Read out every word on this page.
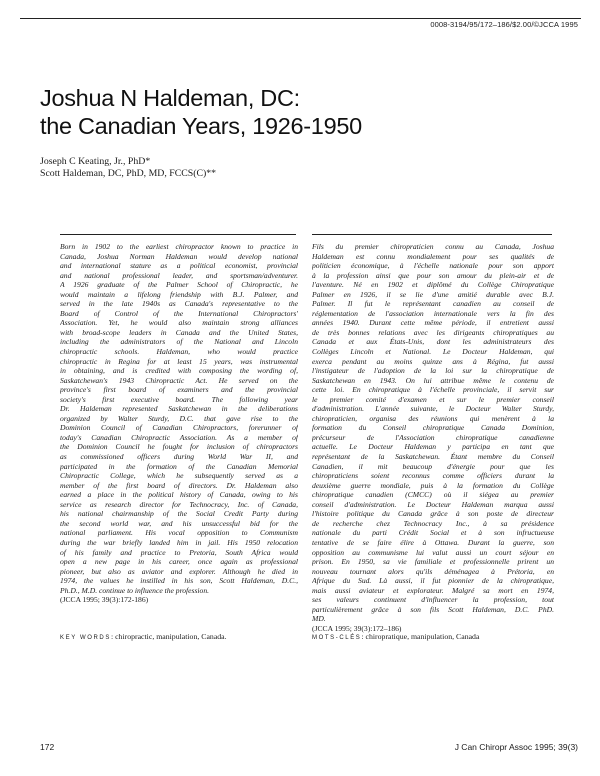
0008-3194/95/172–186/$2.00/©JCCA 1995
Joshua N Haldeman, DC:
the Canadian Years, 1926-1950
Joseph C Keating, Jr., PhD*
Scott Haldeman, DC, PhD, MD, FCCS(C)**
Born in 1902 to the earliest chiropractor known to practice in
Canada, Joshua Norman Haldeman would develop national
and international stature as a political economist, provincial
and national professional leader, and sportsman/adventurer.
A 1926 graduate of the Palmer School of Chiropractic, he
would maintain a lifelong friendship with B.J. Palmer, and
served in the late 1940s as Canada's representative to the
Board of Control of the International Chiropractors'
Association. Yet, he would also maintain strong alliances
with broad-scope leaders in Canada and the United States,
including the administrators of the National and Lincoln
chiropractic schools. Haldeman, who would practice
chiropractic in Regina for at least 15 years, was instrumental
in obtaining, and is credited with composing the wording of,
Saskatchewan's 1943 Chiropractic Act. He served on the
province's first board of examiners and the provincial
society's first executive board. The following year
Dr. Haldeman represented Saskatchewan in the deliberations
organized by Walter Sturdy, D.C. that gave rise to the
Dominion Council of Canadian Chiropractors, forerunner of
today's Canadian Chiropractic Association. As a member of
the Dominion Council he fought for inclusion of chiropractors
as commissioned officers during World War II, and
participated in the formation of the Canadian Memorial
Chiropractic College, which he subsequently served as a
member of the first board of directors. Dr. Haldeman also
earned a place in the political history of Canada, owing to his
service as research director for Technocracy, Inc. of Canada,
his national chairmanship of the Social Credit Party during
the second world war, and his unsuccessful bid for the
national parliament. His vocal opposition to Communism
during the war briefly landed him in jail. His 1950 relocation
of his family and practice to Pretoria, South Africa would
open a new page in his career, once again as professional
pioneer, but also as aviator and explorer. Although he died in
1974, the values he instilled in his son, Scott Haldeman, D.C.,
Ph.D., M.D. continue to influence the profession.
(JCCA 1995; 39(3):172-186)
Fils du premier chiropraticien connu au Canada, Joshua
Haldeman est connu mondialement pour ses qualités de
politicien économique, à l'échelle nationale pour son apport
à la profession ainsi que pour son amour du plein-air et de
l'aventure. Né en 1902 et diplômé du Collège Chiropratique
Palmer en 1926, il se lie d'une amitié durable avec B.J.
Palmer. Il fut le représentant canadien au conseil de
réglementation de l'association internationale vers la fin des
années 1940. Durant cette même période, il entretient aussi
de très bonnes relations avec les dirigeants chiropratiques au
Canada et aux États-Unis, dont les administrateurs des
Collèges Lincoln et National. Le Docteur Haldeman, qui
exerca pendant au moins quinze ans à Régina, fut aussi
l'instigateur de l'adoption de la loi sur la chiropratique de
Saskatchewan en 1943. On lui attribue même le contenu de
cette loi. En chiropratique à l'échelle provinciale, il servit sur
le premier comité d'examen et sur le premier conseil
d'administration. L'année suivante, le Docteur Walter Sturdy,
chiropraticien, organisa des réunions qui menèrent à la
formation du Conseil chiropratique Canada Dominion,
précurseur de l'Association chiropratique canadienne
actuelle. Le Docteur Haldeman y participa en tant que
représentant de la Saskatchewan. Étant membre du Conseil
Canadien, il mit beaucoup d'énergie pour que les
chiropraticiens soient reconnus comme officiers durant la
deuxième guerre mondiale, puis à la formation du Collège
chiropratique canadien (CMCC) où il siégea au premier
conseil d'administration. Le Docteur Haldeman marqua aussi
l'histoire politique du Canada grâce à son poste de directeur
de recherche chez Technocracy Inc., à sa présidence
nationale du parti Crédit Social et à son infructueuse
tentative de se faire élire à Ottawa. Durant la guerre, son
opposition au communisme lui valut aussi un court séjour en
prison. En 1950, sa vie familiale et professionnelle prirent un
nouveau tournant alors qu'ils déménagea à Prétoria, en
Afrique du Sud. Là aussi, il fut pionnier de la chiropratique,
mais aussi aviateur et explorateur. Malgré sa mort en 1974,
ses valeurs continuent d'influencer la profession, tout
particulièrement grâce à son fils Scott Haldeman, D.C. PhD.
MD.
(JCCA 1995; 39(3):172–186)
KEY WORDS: chiropractic, manipulation, Canada.	MOTS-CLÉS: chiropratique, manipulation, Canada
172	J Can Chiropr Assoc 1995; 39(3)
